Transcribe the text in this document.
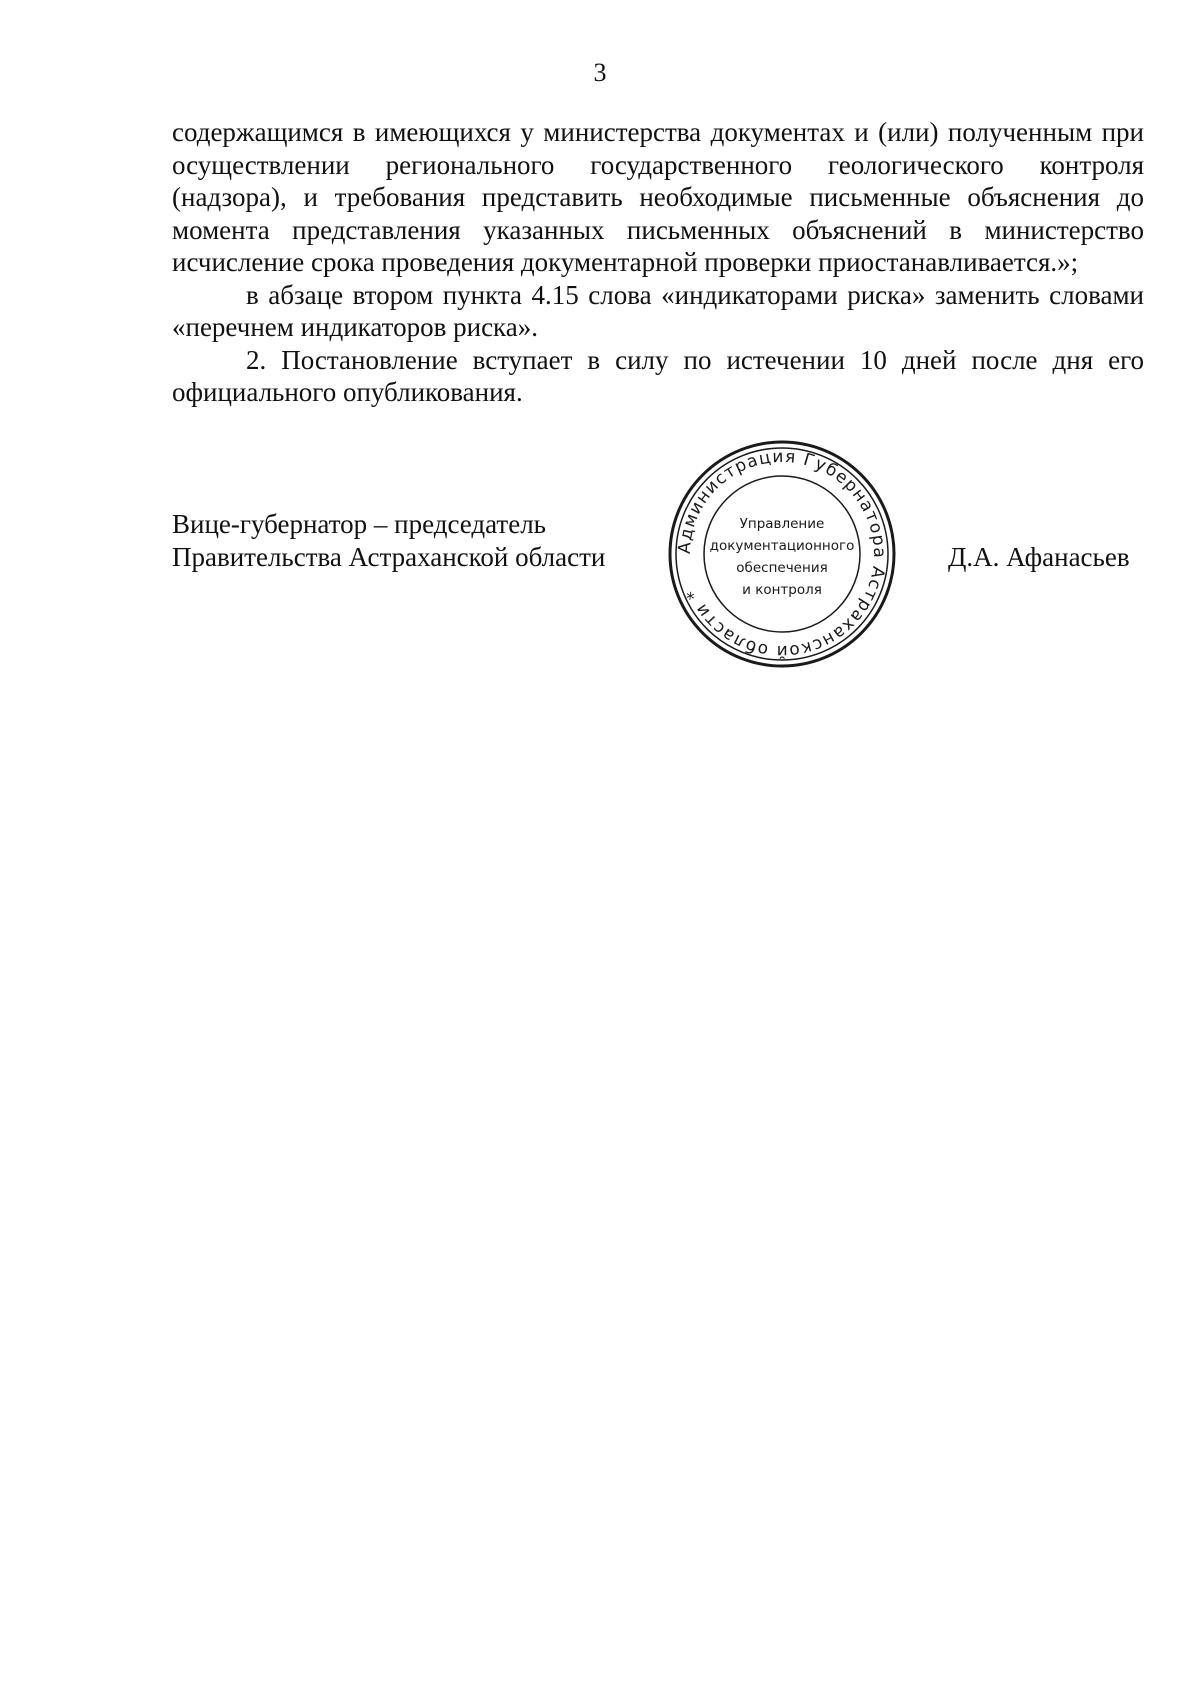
3

содержащимся в имеющихся у министерства документах и (или) полученным при осуществлении регионального государственного геологического контроля (надзора), и требования представить необходимые письменные объяснения до момента представления указанных письменных объяснений в министерство исчисление срока проведения документарной проверки приостанавливается.»;

в абзаце втором пункта 4.15 слова «индикаторами риска» заменить словами «перечнем индикаторов риска».

2. Постановление вступает в силу по истечении 10 дней после дня его официального опубликования.

Вице-губернатор – председатель
Правительства Астраханской области	Администрация Губернатора Астраханской области *
Управление
документационного
обеспечения
и контроля
Д.А. Афанасьев
